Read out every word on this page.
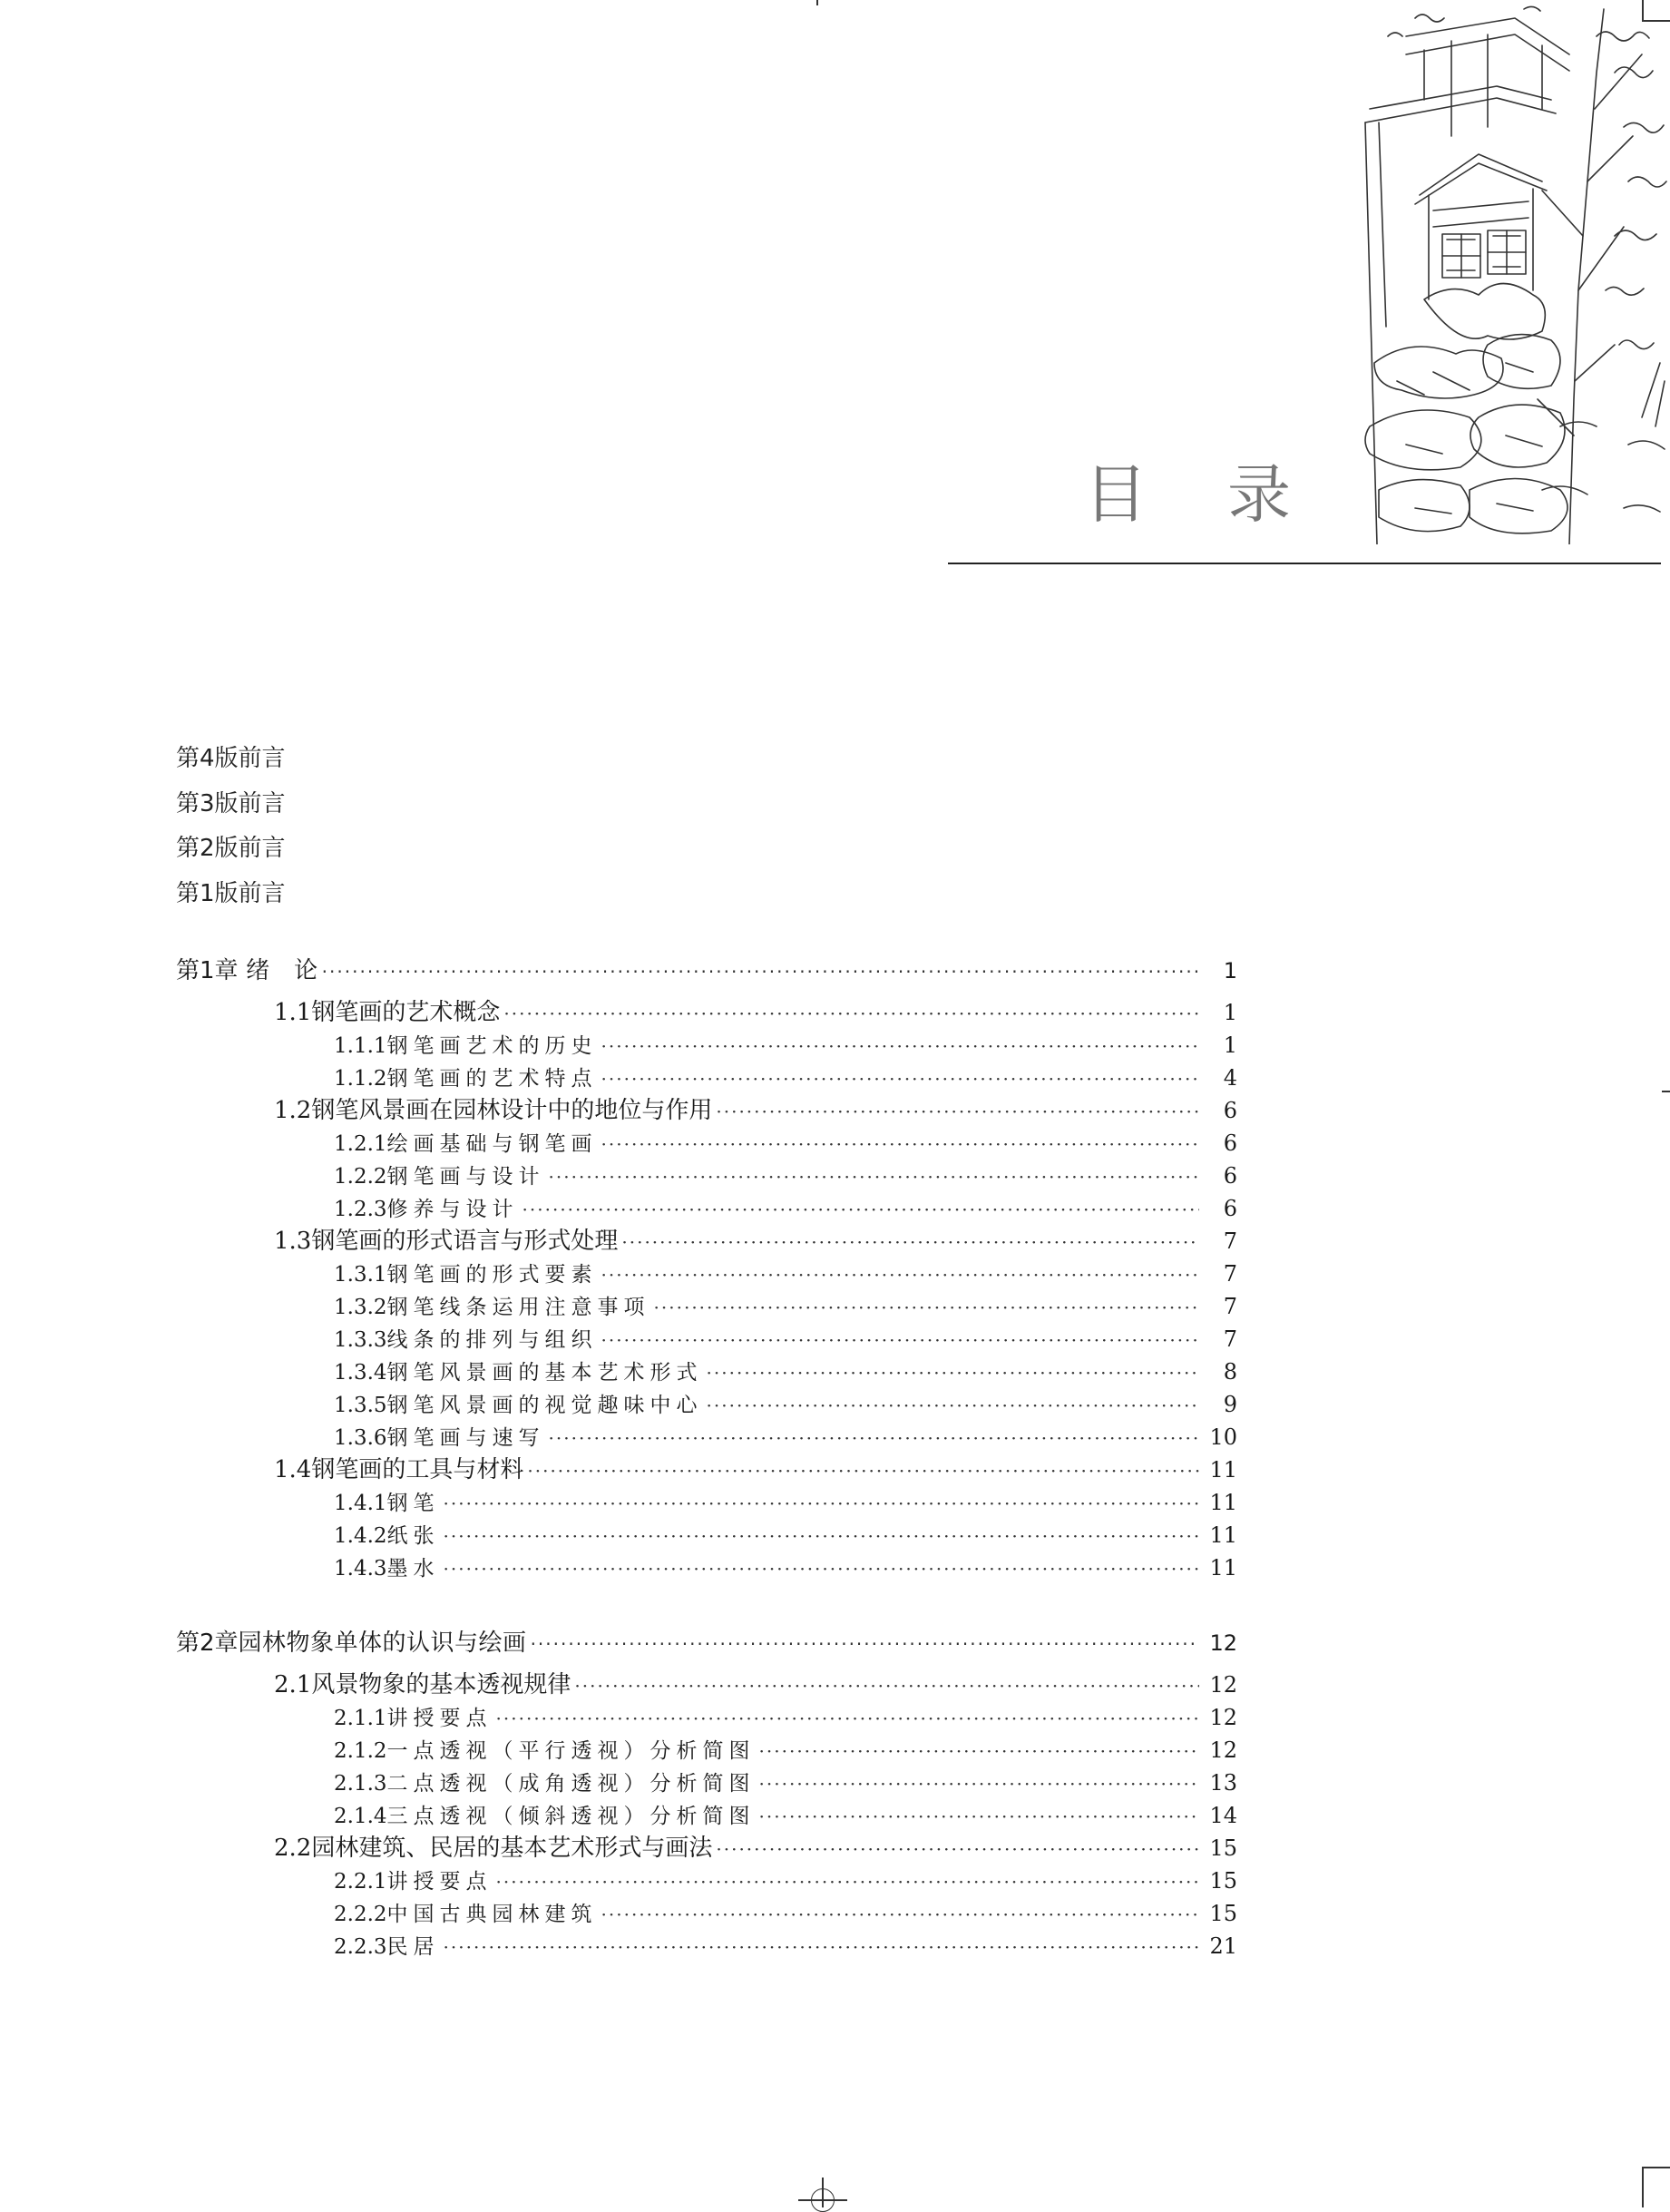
目录
第4版前言
第3版前言
第2版前言
第1版前言
第1章 绪　论 ·····	1
1.1 钢笔画的艺术概念 ·····	1
1.1.1 钢笔画艺术的历史 ·····	1
1.1.2 钢笔画的艺术特点 ·····	4
1.2 钢笔风景画在园林设计中的地位与作用 ·····	6
1.2.1 绘画基础与钢笔画 ·····	6
1.2.2 钢笔画与设计 ·····	6
1.2.3 修养与设计 ·····	6
1.3 钢笔画的形式语言与形式处理 ·····	7
1.3.1 钢笔画的形式要素 ·····	7
1.3.2 钢笔线条运用注意事项 ·····	7
1.3.3 线条的排列与组织 ·····	7
1.3.4 钢笔风景画的基本艺术形式 ·····	8
1.3.5 钢笔风景画的视觉趣味中心 ·····	9
1.3.6 钢笔画与速写 ·····	10
1.4 钢笔画的工具与材料 ·····	11
1.4.1 钢笔 ·····	11
1.4.2 纸张 ·····	11
1.4.3 墨水 ·····	11
第2章 园林物象单体的认识与绘画 ·····	12
2.1 风景物象的基本透视规律 ·····	12
2.1.1 讲授要点 ·····	12
2.1.2 一点透视（平行透视）分析简图 ·····	12
2.1.3 二点透视（成角透视）分析简图 ·····	13
2.1.4 三点透视（倾斜透视）分析简图 ·····	14
2.2 园林建筑、民居的基本艺术形式与画法 ·····	15
2.2.1 讲授要点 ·····	15
2.2.2 中国古典园林建筑 ·····	15
2.2.3 民居 ·····	21
